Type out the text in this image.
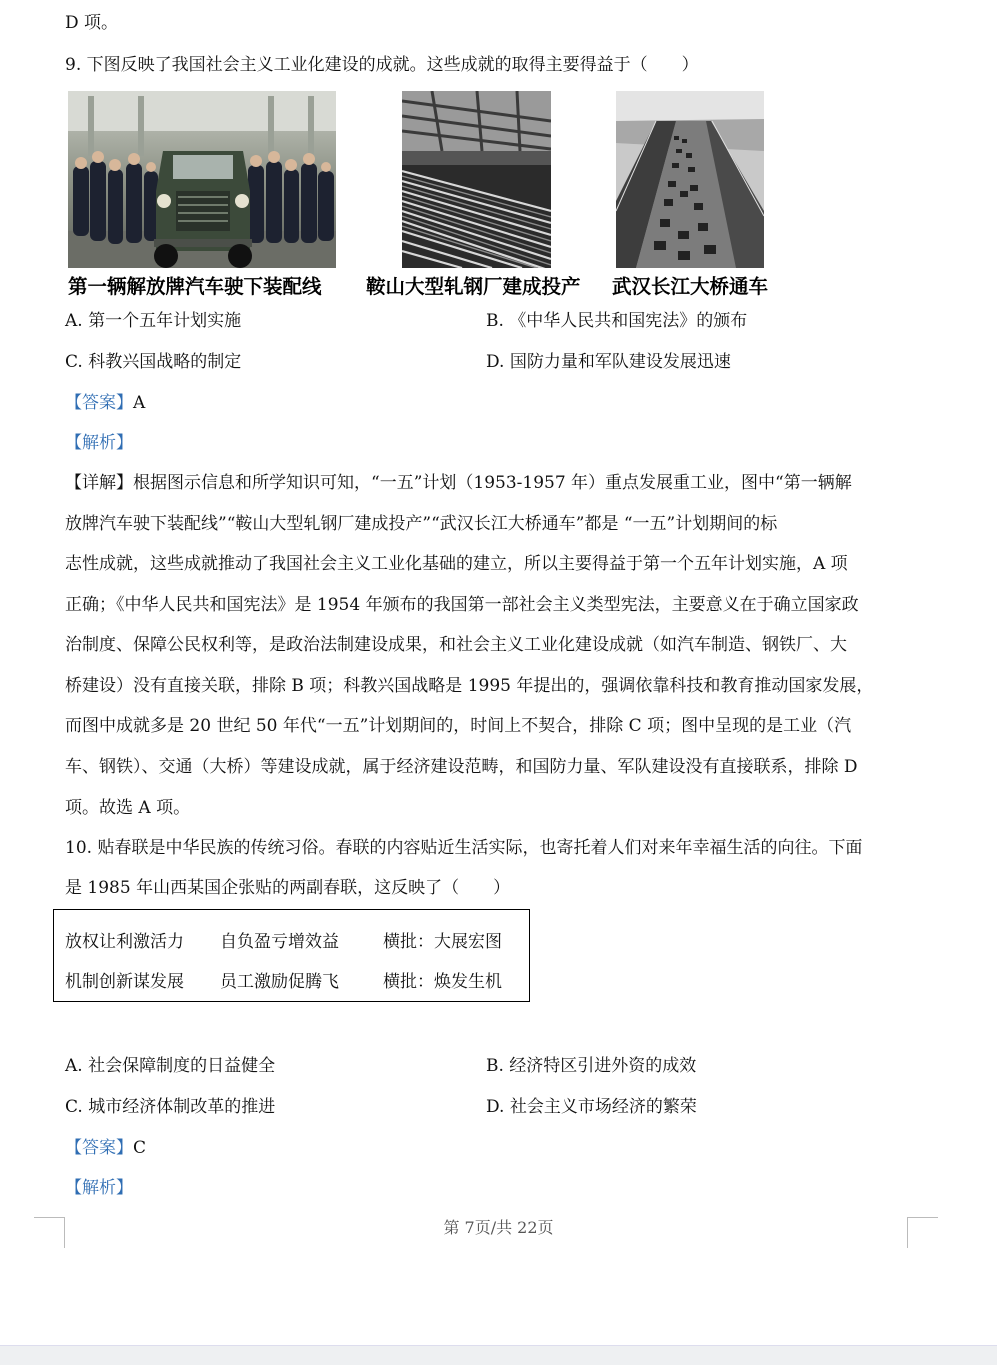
D 项。
9. 下图反映了我国社会主义工业化建设的成就。这些成就的取得主要得益于（　　）
第一辆解放牌汽车驶下装配线 鞍山大型轧钢厂建成投产 武汉长江大桥通车
A. 第一个五年计划实施	B. 《中华人民共和国宪法》的颁布
C. 科教兴国战略的制定	D. 国防力量和军队建设发展迅速
【答案】A
【解析】
【详解】根据图示信息和所学知识可知，“一五”计划（1953-1957 年）重点发展重工业，图中“第一辆解
放牌汽车驶下装配线”“鞍山大型轧钢厂建成投产”“武汉长江大桥通车”都是 “一五”计划期间的标
志性成就，这些成就推动了我国社会主义工业化基础的建立，所以主要得益于第一个五年计划实施，A 项
正确；《中华人民共和国宪法》是 1954 年颁布的我国第一部社会主义类型宪法，主要意义在于确立国家政
治制度、保障公民权利等，是政治法制建设成果，和社会主义工业化建设成就（如汽车制造、钢铁厂、大
桥建设）没有直接关联，排除 B 项；科教兴国战略是 1995 年提出的，强调依靠科技和教育推动国家发展，
而图中成就多是 20 世纪 50 年代“一五”计划期间的，时间上不契合，排除 C 项；图中呈现的是工业（汽
车、钢铁）、交通（大桥）等建设成就，属于经济建设范畴，和国防力量、军队建设没有直接联系，排除 D
项。故选 A 项。
10. 贴春联是中华民族的传统习俗。春联的内容贴近生活实际，也寄托着人们对来年幸福生活的向往。下面
是 1985 年山西某国企张贴的两副春联，这反映了（　　）
放权让利激活力 自负盈亏增效益	横批：大展宏图
机制创新谋发展 员工激励促腾飞	横批：焕发生机
A. 社会保障制度的日益健全	B. 经济特区引进外资的成效
C. 城市经济体制改革的推进	D. 社会主义市场经济的繁荣
【答案】C
【解析】
第 7页/共 22页
